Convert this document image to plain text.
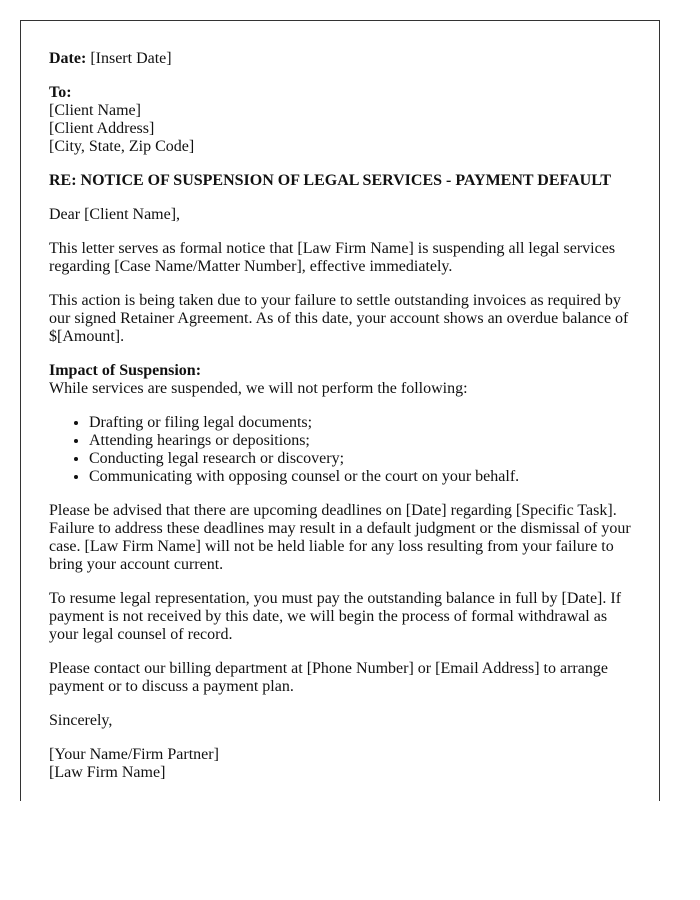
Date: [Insert Date]

To:
[Client Name]
[Client Address]
[City, State, Zip Code]

RE: NOTICE OF SUSPENSION OF LEGAL SERVICES - PAYMENT DEFAULT

Dear [Client Name],

This letter serves as formal notice that [Law Firm Name] is suspending all legal services regarding [Case Name/Matter Number], effective immediately.

This action is being taken due to your failure to settle outstanding invoices as required by our signed Retainer Agreement. As of this date, your account shows an overdue balance of $[Amount].

Impact of Suspension:
While services are suspended, we will not perform the following:

• Drafting or filing legal documents;
• Attending hearings or depositions;
• Conducting legal research or discovery;
• Communicating with opposing counsel or the court on your behalf.

Please be advised that there are upcoming deadlines on [Date] regarding [Specific Task]. Failure to address these deadlines may result in a default judgment or the dismissal of your case. [Law Firm Name] will not be held liable for any loss resulting from your failure to bring your account current.

To resume legal representation, you must pay the outstanding balance in full by [Date]. If payment is not received by this date, we will begin the process of formal withdrawal as your legal counsel of record.

Please contact our billing department at [Phone Number] or [Email Address] to arrange payment or to discuss a payment plan.

Sincerely,

[Your Name/Firm Partner]
[Law Firm Name]
